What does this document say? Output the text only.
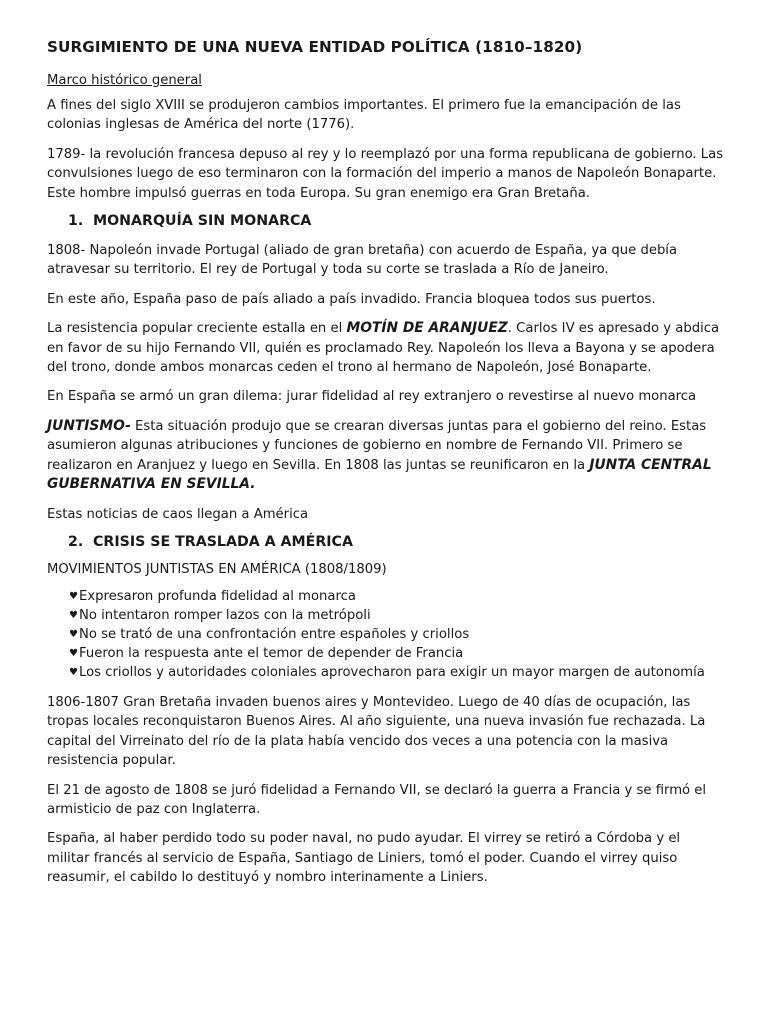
SURGIMIENTO DE UNA NUEVA ENTIDAD POLÍTICA (1810–1820)
Marco histórico general

A fines del siglo XVIII se produjeron cambios importantes. El primero fue la emancipación de las colonias inglesas de América del norte (1776).

1789- la revolución francesa depuso al rey y lo reemplazó por una forma republicana de gobierno. Las convulsiones luego de eso terminaron con la formación del imperio a manos de Napoleón Bonaparte. Este hombre impulsó guerras en toda Europa. Su gran enemigo era Gran Bretaña.

1. MONARQUÍA SIN MONARCA

1808- Napoleón invade Portugal (aliado de gran bretaña) con acuerdo de España, ya que debía atravesar su territorio. El rey de Portugal y toda su corte se traslada a Río de Janeiro.

En este año, España paso de país aliado a país invadido. Francia bloquea todos sus puertos.

La resistencia popular creciente estalla en el MOTÍN DE ARANJUEZ. Carlos IV es apresado y abdica en favor de su hijo Fernando VII, quién es proclamado Rey. Napoleón los lleva a Bayona y se apodera del trono, donde ambos monarcas ceden el trono al hermano de Napoleón, José Bonaparte.

En España se armó un gran dilema: jurar fidelidad al rey extranjero o revestirse al nuevo monarca

JUNTISMO- Esta situación produjo que se crearan diversas juntas para el gobierno del reino. Estas asumieron algunas atribuciones y funciones de gobierno en nombre de Fernando VII. Primero se realizaron en Aranjuez y luego en Sevilla. En 1808 las juntas se reunificaron en la JUNTA CENTRAL GUBERNATIVA EN SEVILLA.

Estas noticias de caos llegan a América

2. CRISIS SE TRASLADA A AMÉRICA
MOVIMIENTOS JUNTISTAS EN AMÉRICA (1808/1809)
♥ Expresaron profunda fidelidad al monarca
♥ No intentaron romper lazos con la metrópoli
♥ No se trató de una confrontación entre españoles y criollos
♥ Fueron la respuesta ante el temor de depender de Francia
♥ Los criollos y autoridades coloniales aprovecharon para exigir un mayor margen de autonomía

1806-1807 Gran Bretaña invaden buenos aires y Montevideo. Luego de 40 días de ocupación, las tropas locales reconquistaron Buenos Aires. Al año siguiente, una nueva invasión fue rechazada. La capital del Virreinato del río de la plata había vencido dos veces a una potencia con la masiva resistencia popular.

El 21 de agosto de 1808 se juró fidelidad a Fernando VII, se declaró la guerra a Francia y se firmó el armisticio de paz con Inglaterra.

España, al haber perdido todo su poder naval, no pudo ayudar. El virrey se retiró a Córdoba y el militar francés al servicio de España, Santiago de Liniers, tomó el poder. Cuando el virrey quiso reasumir, el cabildo lo destituyó y nombro interinamente a Liniers.
